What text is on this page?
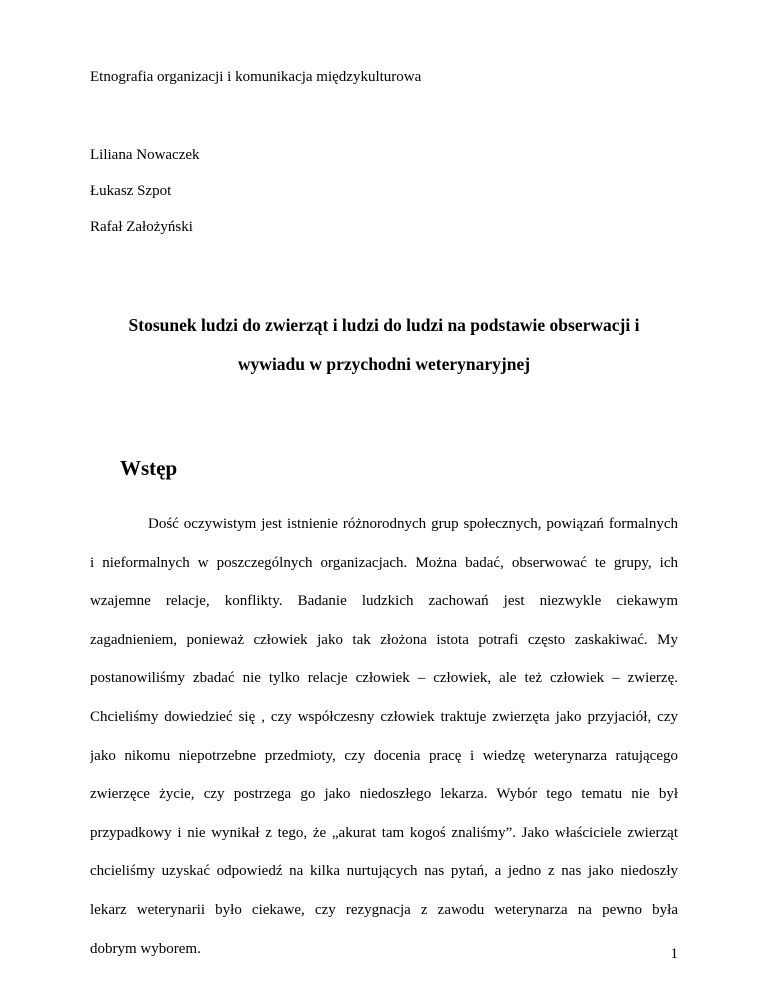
Etnografia organizacji i komunikacja międzykulturowa
Liliana Nowaczek
Łukasz Szpot
Rafał Założyński
Stosunek ludzi do zwierząt i ludzi do ludzi na podstawie obserwacji i
wywiadu w przychodni weterynaryjnej
Wstęp
Dość oczywistym jest istnienie różnorodnych grup społecznych, powiązań formalnych
i nieformalnych w poszczególnych organizacjach. Można badać, obserwować te grupy, ich
wzajemne relacje, konflikty. Badanie ludzkich zachowań jest niezwykle ciekawym
zagadnieniem, ponieważ człowiek jako tak złożona istota potrafi często zaskakiwać. My
postanowiliśmy zbadać nie tylko relacje człowiek – człowiek, ale też człowiek – zwierzę.
Chcieliśmy dowiedzieć się , czy współczesny człowiek traktuje zwierzęta jako przyjaciół, czy
jako nikomu niepotrzebne przedmioty, czy docenia pracę i wiedzę weterynarza ratującego
zwierzęce życie, czy postrzega go jako niedoszłego lekarza. Wybór tego tematu nie był
przypadkowy i nie wynikał z tego, że „akurat tam kogoś znaliśmy”. Jako właściciele zwierząt
chcieliśmy uzyskać odpowiedź na kilka nurtujących nas pytań, a jedno z nas jako niedoszły
lekarz weterynarii było ciekawe, czy rezygnacja z zawodu weterynarza na pewno była
dobrym wyborem.	1
